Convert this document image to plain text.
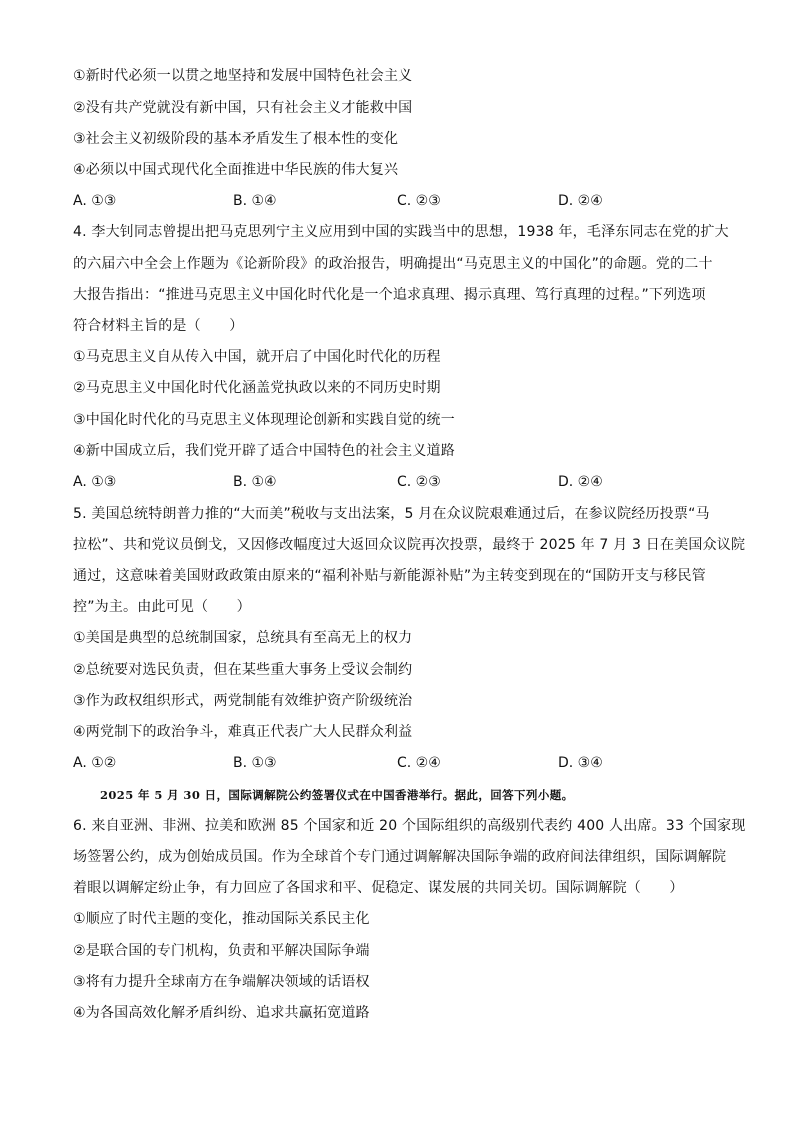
①新时代必须一以贯之地坚持和发展中国特色社会主义
②没有共产党就没有新中国，只有社会主义才能救中国
③社会主义初级阶段的基本矛盾发生了根本性的变化
④必须以中国式现代化全面推进中华民族的伟大复兴
A. ①③	B. ①④	C. ②③	D. ②④
4. 李大钊同志曾提出把马克思列宁主义应用到中国的实践当中的思想，1938 年，毛泽东同志在党的扩大
的六届六中全会上作题为《论新阶段》的政治报告，明确提出“马克思主义的中国化”的命题。党的二十
大报告指出：“推进马克思主义中国化时代化是一个追求真理、揭示真理、笃行真理的过程。”下列选项
符合材料主旨的是（　　）
①马克思主义自从传入中国，就开启了中国化时代化的历程
②马克思主义中国化时代化涵盖党执政以来的不同历史时期
③中国化时代化的马克思主义体现理论创新和实践自觉的统一
④新中国成立后，我们党开辟了适合中国特色的社会主义道路
A. ①③	B. ①④	C. ②③	D. ②④
5. 美国总统特朗普力推的“大而美”税收与支出法案，5 月在众议院艰难通过后，在参议院经历投票“马
拉松”、共和党议员倒戈，又因修改幅度过大返回众议院再次投票，最终于 2025 年 7 月 3 日在美国众议院
通过，这意味着美国财政政策由原来的“福利补贴与新能源补贴”为主转变到现在的“国防开支与移民管
控”为主。由此可见（　　）
①美国是典型的总统制国家，总统具有至高无上的权力
②总统要对选民负责，但在某些重大事务上受议会制约
③作为政权组织形式，两党制能有效维护资产阶级统治
④两党制下的政治争斗，难真正代表广大人民群众利益
A. ①②	B. ①③	C. ②④	D. ③④
2025 年 5 月 30 日，国际调解院公约签署仪式在中国香港举行。据此，回答下列小题。
6. 来自亚洲、非洲、拉美和欧洲 85 个国家和近 20 个国际组织的高级别代表约 400 人出席。33 个国家现
场签署公约，成为创始成员国。作为全球首个专门通过调解解决国际争端的政府间法律组织，国际调解院
着眼以调解定纷止争，有力回应了各国求和平、促稳定、谋发展的共同关切。国际调解院（　　）
①顺应了时代主题的变化，推动国际关系民主化
②是联合国的专门机构，负责和平解决国际争端
③将有力提升全球南方在争端解决领域的话语权
④为各国高效化解矛盾纠纷、追求共赢拓宽道路
